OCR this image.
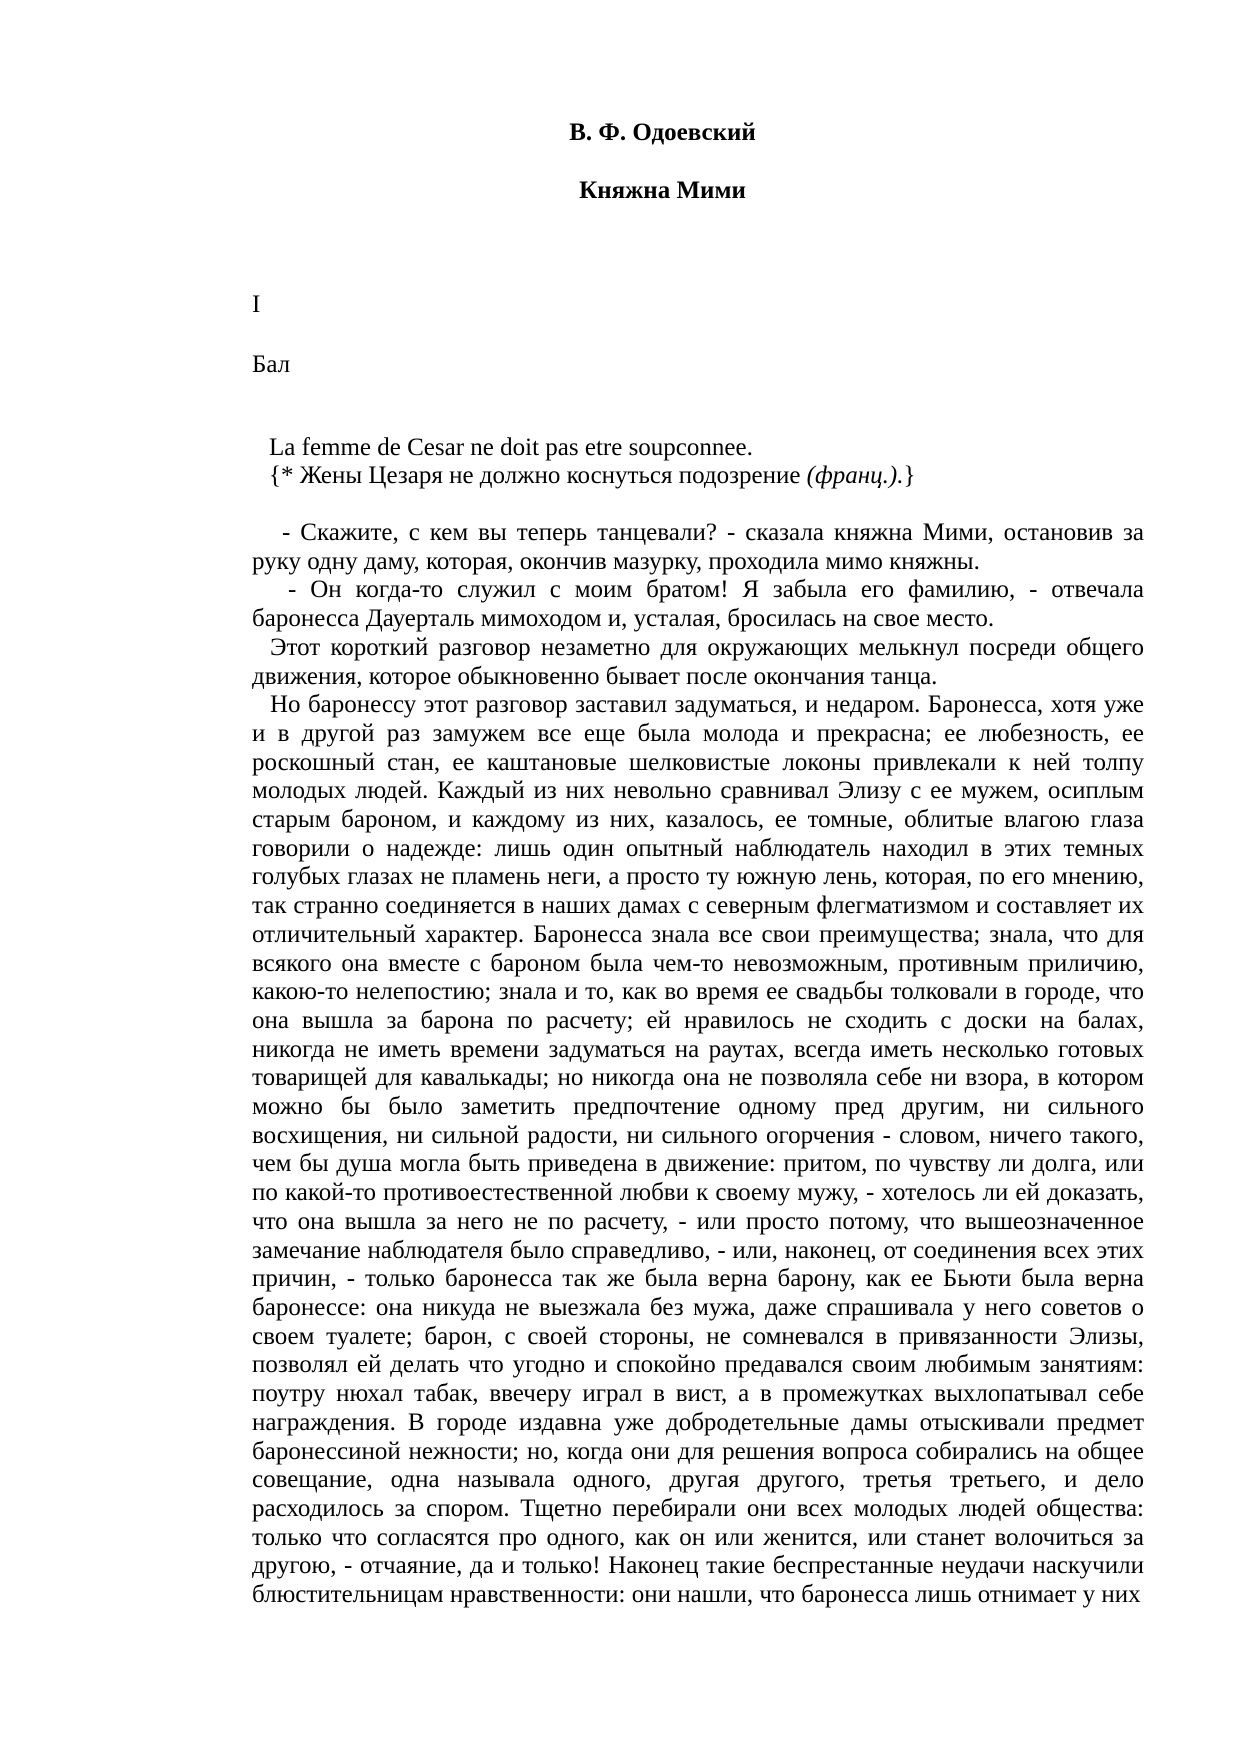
В. Ф. Одоевский
Княжна Мими
I
Бал
La femme de Cesar ne doit pas etre soupconnee.
{* Жены Цезаря не должно коснуться подозрение (франц.).}

- Скажите, с кем вы теперь танцевали? - сказала княжна Мими, остановив за руку одну даму, которая, окончив мазурку, проходила мимо княжны.

- Он когда-то служил с моим братом! Я забыла его фамилию, - отвечала баронесса Дауерталь мимоходом и, усталая, бросилась на свое место.

Этот короткий разговор незаметно для окружающих мелькнул посреди общего движения, которое обыкновенно бывает после окончания танца.

Но баронессу этот разговор заставил задуматься, и недаром. Баронесса, хотя уже и в другой раз замужем все еще была молода и прекрасна; ее любезность, ее роскошный стан, ее каштановые шелковистые локоны привлекали к ней толпу молодых людей. Каждый из них невольно сравнивал Элизу с ее мужем, осиплым старым бароном, и каждому из них, казалось, ее томные, облитые влагою глаза говорили о надежде: лишь один опытный наблюдатель находил в этих темных голубых глазах не пламень неги, а просто ту южную лень, которая, по его мнению, так странно соединяется в наших дамах с северным флегматизмом и составляет их отличительный характер. Баронесса знала все свои преимущества; знала, что для всякого она вместе с бароном была чем-то невозможным, противным приличию, какою-то нелепостию; знала и то, как во время ее свадьбы толковали в городе, что она вышла за барона по расчету; ей нравилось не сходить с доски на балах, никогда не иметь времени задуматься на раутах, всегда иметь несколько готовых товарищей для кавалькады; но никогда она не позволяла себе ни взора, в котором можно бы было заметить предпочтение одному пред другим, ни сильного восхищения, ни сильной радости, ни сильного огорчения - словом, ничего такого, чем бы душа могла быть приведена в движение: притом, по чувству ли долга, или по какой-то противоестественной любви к своему мужу, - хотелось ли ей доказать, что она вышла за него не по расчету, - или просто потому, что вышеозначенное замечание наблюдателя было справедливо, - или, наконец, от соединения всех этих причин, - только баронесса так же была верна барону, как ее Бьюти была верна баронессе: она никуда не выезжала без мужа, даже спрашивала у него советов о своем туалете; барон, с своей стороны, не сомневался в привязанности Элизы, позволял ей делать что угодно и спокойно предавался своим любимым занятиям: поутру нюхал табак, ввечеру играл в вист, а в промежутках выхлопатывал себе награждения. В городе издавна уже добродетельные дамы отыскивали предмет баронессиной нежности; но, когда они для решения вопроса собирались на общее совещание, одна называла одного, другая другого, третья третьего, и дело расходилось за спором. Тщетно перебирали они всех молодых людей общества: только что согласятся про одного, как он или женится, или станет волочиться за другою, - отчаяние, да и только! Наконец такие беспрестанные неудачи наскучили блюстительницам нравственности: они нашли, что баронесса лишь отнимает у них
